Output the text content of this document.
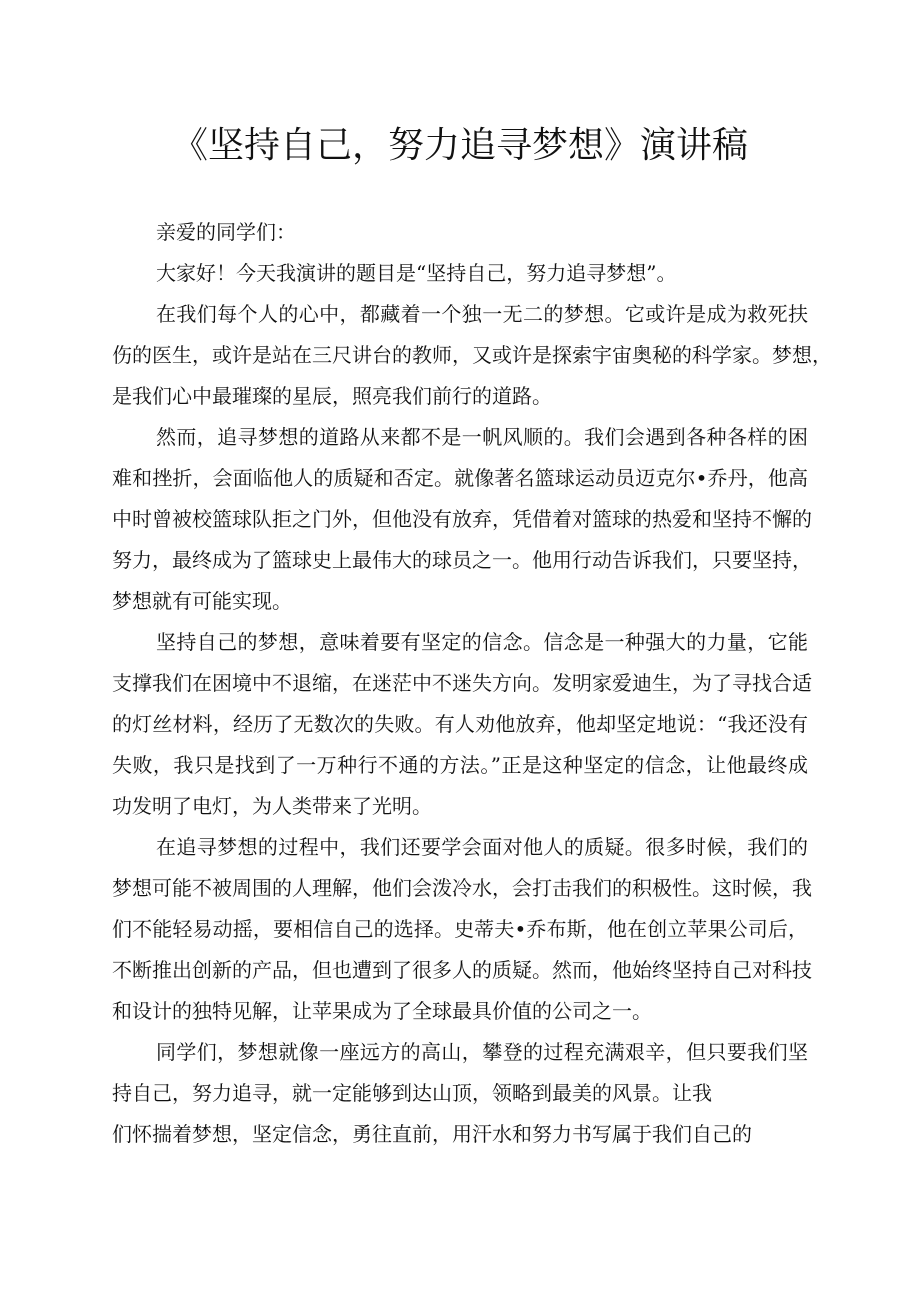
《坚持自己，努力追寻梦想》演讲稿
亲爱的同学们：
大家好！今天我演讲的题目是“坚持自己，努力追寻梦想”。
在我们每个人的心中，都藏着一个独一无二的梦想。它或许是成为救死扶
伤的医生，或许是站在三尺讲台的教师，又或许是探索宇宙奥秘的科学家。梦想，
是我们心中最璀璨的星辰，照亮我们前行的道路。
然而，追寻梦想的道路从来都不是一帆风顺的。我们会遇到各种各样的困
难和挫折，会面临他人的质疑和否定。就像著名篮球运动员迈克尔•乔丹，他高
中时曾被校篮球队拒之门外，但他没有放弃，凭借着对篮球的热爱和坚持不懈的
努力，最终成为了篮球史上最伟大的球员之一。他用行动告诉我们，只要坚持，
梦想就有可能实现。
坚持自己的梦想，意味着要有坚定的信念。信念是一种强大的力量，它能
支撑我们在困境中不退缩，在迷茫中不迷失方向。发明家爱迪生，为了寻找合适
的灯丝材料，经历了无数次的失败。有人劝他放弃，他却坚定地说：“我还没有
失败，我只是找到了一万种行不通的方法。”正是这种坚定的信念，让他最终成
功发明了电灯，为人类带来了光明。
在追寻梦想的过程中，我们还要学会面对他人的质疑。很多时候，我们的
梦想可能不被周围的人理解，他们会泼冷水，会打击我们的积极性。这时候，我
们不能轻易动摇，要相信自己的选择。史蒂夫•乔布斯，他在创立苹果公司后，
不断推出创新的产品，但也遭到了很多人的质疑。然而，他始终坚持自己对科技
和设计的独特见解，让苹果成为了全球最具价值的公司之一。
同学们，梦想就像一座远方的高山，攀登的过程充满艰辛，但只要我们坚
持自己，努力追寻，就一定能够到达山顶，领略到最美的风景。让我
们怀揣着梦想，坚定信念，勇往直前，用汗水和努力书写属于我们自己的
